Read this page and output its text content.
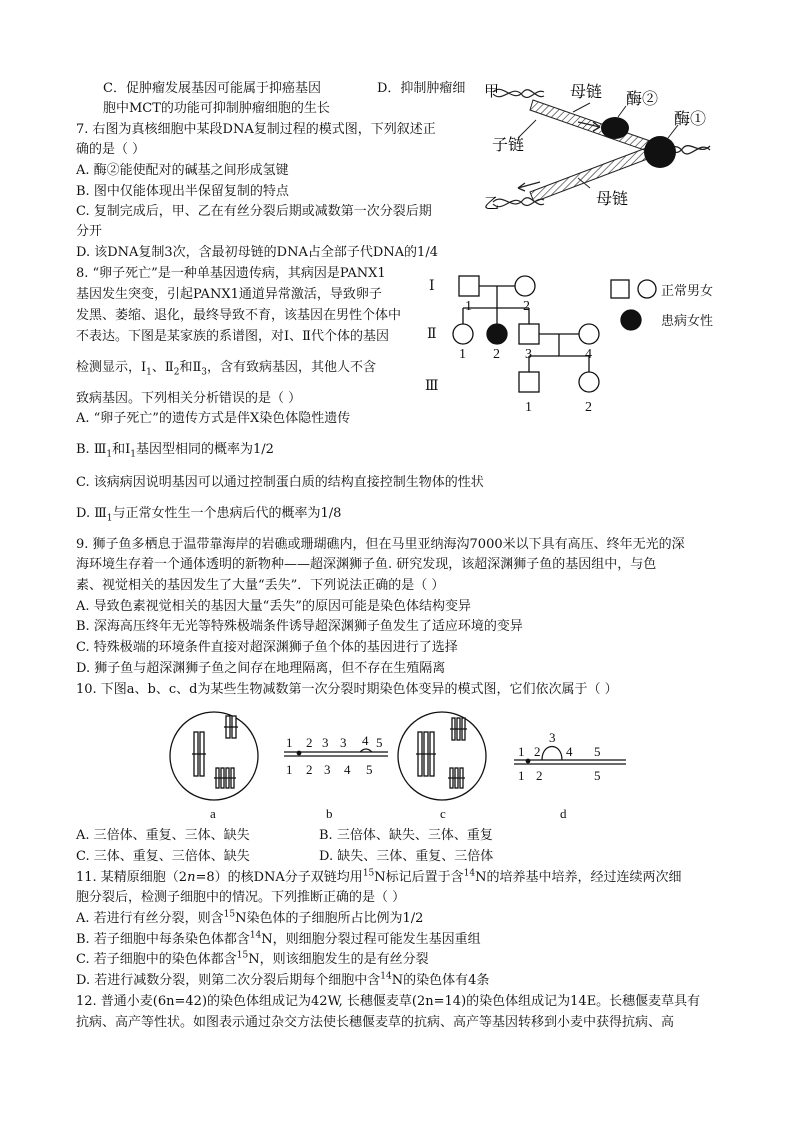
C．促肿瘤发展基因可能属于抑癌基因	D．抑制肿瘤细
胞中MCT的功能可抑制肿瘤细胞的生长
7. 右图为真核细胞中某段DNA复制过程的模式图，下列叙述正
确的是（ ）
A. 酶②能使配对的碱基之间形成氢键
B. 图中仅能体现出半保留复制的特点
C. 复制完成后，甲、乙在有丝分裂后期或减数第一次分裂后期
分开
D. 该DNA复制3次，含最初母链的DNA占全部子代DNA的1/4
甲
乙
母链
母链
子链
酶②
酶①
8. “卵子死亡”是一种单基因遗传病，其病因是PANX1
基因发生突变，引起PANX1通道异常激活，导致卵子
发黑、萎缩、退化，最终导致不育，该基因在男性个体中
不表达。下图是某家族的系谱图，对Ⅰ、Ⅱ代个体的基因
检测显示，$Ⅰ_1$、$Ⅱ_2$和$Ⅱ_3$，含有致病基因，其他人不含
致病基因。下列相关分析错误的是（ ）
A. “卵子死亡”的遗传方式是伴X染色体隐性遗传
B. $Ⅲ_1$和$Ⅰ_1$基因型相同的概率为1/2
C. 该病病因说明基因可以通过控制蛋白质的结构直接控制生物体的性状
D. $Ⅲ_1$与正常女性生一个患病后代的概率为1/8
Ⅰ
Ⅱ
Ⅲ
1	2
1 2 3	4
1	2
正常男女
患病女性
9. 狮子鱼多栖息于温带靠海岸的岩礁或珊瑚礁内，但在马里亚纳海沟7000米以下具有高压、终年无光的深
海环境生存着一个通体透明的新物种——超深渊狮子鱼. 研究发现，该超深渊狮子鱼的基因组中，与色
素、视觉相关的基因发生了大量“丢失”．下列说法正确的是（ ）
A. 导致色素视觉相关的基因大量“丢失”的原因可能是染色体结构变异
B. 深海高压终年无光等特殊极端条件诱导超深渊狮子鱼发生了适应环境的变异
C. 特殊极端的环境条件直接对超深渊狮子鱼个体的基因进行了选择
D. 狮子鱼与超深渊狮子鱼之间存在地理隔离，但不存在生殖隔离
10. 下图a、b、c、d为某些生物减数第一次分裂时期染色体变异的模式图，它们依次属于（ ）
1 2 3 3 4 5
1 2 3 4 5
1 2
3
4 5
1 2	5
a	b	c	d
A. 三倍体、重复、三体、缺失	B. 三倍体、缺失、三体、重复
C. 三体、重复、三倍体、缺失	D. 缺失、三体、重复、三倍体
11. 某精原细胞（2n=8）的核DNA分子双链均用$^{15}$N标记后置于含$^{14}$N的培养基中培养，经过连续两次细
胞分裂后，检测子细胞中的情况。下列推断正确的是（ ）
A. 若进行有丝分裂，则含$^{15}$N染色体的子细胞所占比例为1/2
B. 若子细胞中每条染色体都含$^{14}$N，则细胞分裂过程可能发生基因重组
C. 若子细胞中的染色体都含$^{15}$N，则该细胞发生的是有丝分裂
D. 若进行减数分裂，则第二次分裂后期每个细胞中含$^{14}$N的染色体有4条
12. 普通小麦(6n=42)的染色体组成记为42W, 长穗偃麦草(2n=14)的染色体组成记为14E。长穗偃麦草具有
抗病、高产等性状。如图表示通过杂交方法使长穗偃麦草的抗病、高产等基因转移到小麦中获得抗病、高
